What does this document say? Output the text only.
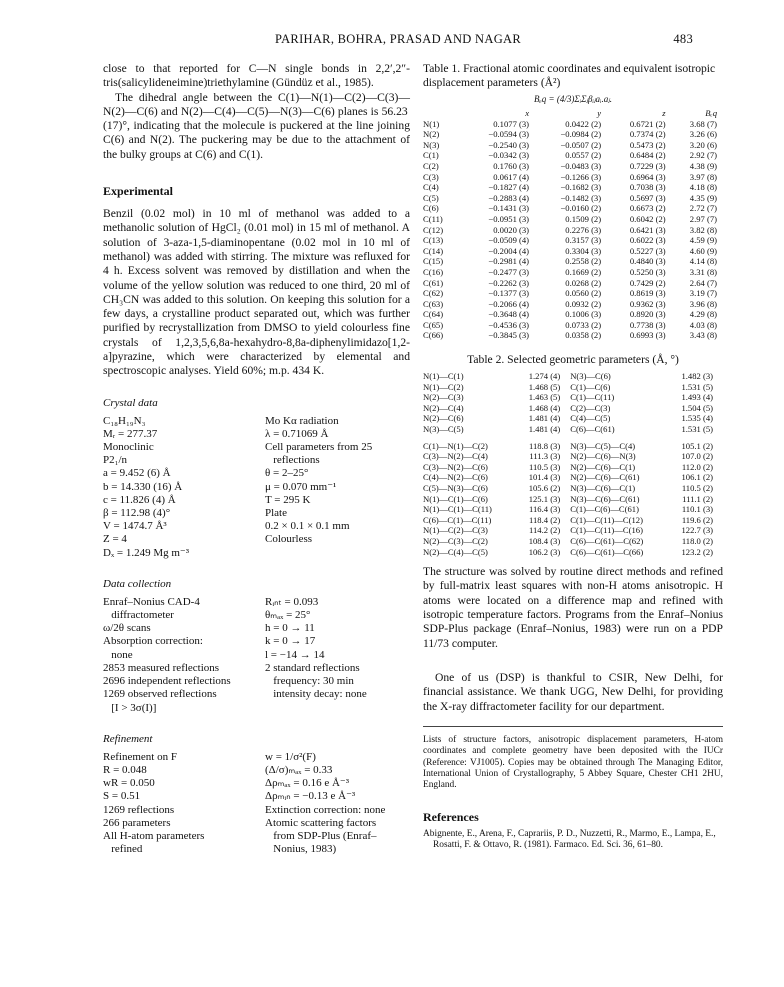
PARIHAR, BOHRA, PRASAD AND NAGAR	483

close to that reported for C—N single bonds in 2,2′,2″-tris(salicylideneimine)triethylamine (Gündüz et al., 1985).

The dihedral angle between the C(1)—N(1)—C(2)—C(3)—N(2)—C(6) and N(2)—C(4)—C(5)—N(3)—C(6) planes is 56.23 (17)°, indicating that the molecule is puckered at the line joining C(6) and N(2). The puckering may be due to the attachment of the bulky groups at C(6) and C(1).

Experimental

Benzil (0.02 mol) in 10 ml of methanol was added to a methanolic solution of HgCl₂ (0.01 mol) in 15 ml of methanol. A solution of 3-aza-1,5-diaminopentane (0.02 mol in 10 ml of methanol) was added with stirring. The mixture was refluxed for 4 h. Excess solvent was removed by distillation and when the volume of the yellow solution was reduced to one third, 20 ml of CH₃CN was added to this solution. On keeping this solution for a few days, a crystalline product separated out, which was further purified by recrystallization from DMSO to yield colourless fine crystals of 1,2,3,5,6,8a-hexahydro-8,8a-diphenylimidazo[1,2-a]pyrazine, which were characterized by elemental and spectroscopic analyses. Yield 60%; m.p. 434 K.

Crystal data
C₁₈H₁₉N₃	Mo Kα radiation
Mᵣ = 277.37	λ = 0.71069 Å
Monoclinic	Cell parameters from 25
P2₁/n	reflections
a = 9.452 (6) Å	θ = 2–25°
b = 14.330 (16) Å	μ = 0.070 mm⁻¹
c = 11.826 (4) Å	T = 295 K
β = 112.98 (4)°	Plate
V = 1474.7 Å³	0.2 × 0.1 × 0.1 mm
Z = 4	Colourless
Dₓ = 1.249 Mg m⁻³
Data collection
Enraf–Nonius CAD-4	Rᵢₙₜ = 0.093
diffractometer	θₘₐₓ = 25°
ω/2θ scans	h = 0 → 11
Absorption correction:	k = 0 → 17
none	l = −14 → 14
2853 measured reflections	2 standard reflections
2696 independent reflections	frequency: 30 min
1269 observed reflections	intensity decay: none
[I > 3σ(I)]
Refinement
Refinement on F	w = 1/σ²(F)
R = 0.048	(Δ/σ)ₘₐₓ = 0.33
wR = 0.050	Δρₘₐₓ = 0.16 e Å⁻³
S = 0.51	Δρₘᵢₙ = −0.13 e Å⁻³
1269 reflections	Extinction correction: none
266 parameters	Atomic scattering factors
All H-atom parameters	from SDP-Plus (Enraf–
refined	Nonius, 1983)
Table 1. Fractional atomic coordinates and equivalent isotropic displacement parameters (Å²)
Bₑq = (4/3)ΣᵢΣⱼβᵢⱼaᵢ.aⱼ.
	x	y	z	Bₑq
N(1)	0.1077 (3)	0.0422 (2)	0.6721 (2)	3.68 (7)
N(2)	−0.0594 (3)	−0.0984 (2)	0.7374 (2)	3.26 (6)
N(3)	−0.2540 (3)	−0.0507 (2)	0.5473 (2)	3.20 (6)
C(1)	−0.0342 (3)	0.0557 (2)	0.6484 (2)	2.92 (7)
C(2)	0.1760 (3)	−0.0483 (3)	0.7229 (3)	4.38 (9)
C(3)	0.0617 (4)	−0.1266 (3)	0.6964 (3)	3.97 (8)
C(4)	−0.1827 (4)	−0.1682 (3)	0.7038 (3)	4.18 (8)
C(5)	−0.2883 (4)	−0.1482 (3)	0.5697 (3)	4.35 (9)
C(6)	−0.1431 (3)	−0.0160 (2)	0.6673 (2)	2.72 (7)
C(11)	−0.0951 (3)	0.1509 (2)	0.6042 (2)	2.97 (7)
C(12)	0.0020 (3)	0.2276 (3)	0.6421 (3)	3.82 (8)
C(13)	−0.0509 (4)	0.3157 (3)	0.6022 (3)	4.59 (9)
C(14)	−0.2004 (4)	0.3304 (3)	0.5227 (3)	4.60 (9)
C(15)	−0.2981 (4)	0.2558 (2)	0.4840 (3)	4.14 (8)
C(16)	−0.2477 (3)	0.1669 (2)	0.5250 (3)	3.31 (8)
C(61)	−0.2262 (3)	0.0268 (2)	0.7429 (2)	2.64 (7)
C(62)	−0.1377 (3)	0.0560 (2)	0.8619 (3)	3.19 (7)
C(63)	−0.2066 (4)	0.0932 (2)	0.9362 (3)	3.96 (8)
C(64)	−0.3648 (4)	0.1006 (3)	0.8920 (3)	4.29 (8)
C(65)	−0.4536 (3)	0.0733 (2)	0.7738 (3)	4.03 (8)
C(66)	−0.3845 (3)	0.0358 (2)	0.6993 (3)	3.43 (8)
Table 2. Selected geometric parameters (Å, °)
N(1)—C(1)	1.274 (4)	N(3)—C(6)	1.482 (3)
N(1)—C(2)	1.468 (5)	C(1)—C(6)	1.531 (5)
N(2)—C(3)	1.463 (5)	C(1)—C(11)	1.493 (4)
N(2)—C(4)	1.468 (4)	C(2)—C(3)	1.504 (5)
N(2)—C(6)	1.481 (4)	C(4)—C(5)	1.535 (4)
N(3)—C(5)	1.481 (4)	C(6)—C(61)	1.531 (5)

C(1)—N(1)—C(2)	118.8 (3)	N(3)—C(5)—C(4)	105.1 (2)
C(3)—N(2)—C(4)	111.3 (3)	N(2)—C(6)—N(3)	107.0 (2)
C(3)—N(2)—C(6)	110.5 (3)	N(2)—C(6)—C(1)	112.0 (2)
C(4)—N(2)—C(6)	101.4 (3)	N(2)—C(6)—C(61)	106.1 (2)
C(5)—N(3)—C(6)	105.6 (2)	N(3)—C(6)—C(1)	110.5 (2)
N(1)—C(1)—C(6)	125.1 (3)	N(3)—C(6)—C(61)	111.1 (2)
N(1)—C(1)—C(11)	116.4 (3)	C(1)—C(6)—C(61)	110.1 (3)
C(6)—C(1)—C(11)	118.4 (2)	C(1)—C(11)—C(12)	119.6 (2)
N(1)—C(2)—C(3)	114.2 (2)	C(1)—C(11)—C(16)	122.7 (3)
N(2)—C(3)—C(2)	108.4 (3)	C(6)—C(61)—C(62)	118.0 (2)
N(2)—C(4)—C(5)	106.2 (3)	C(6)—C(61)—C(66)	123.2 (2)

The structure was solved by routine direct methods and refined by full-matrix least squares with non-H atoms anisotropic. H atoms were located on a difference map and refined with isotropic temperature factors. Programs from the Enraf–Nonius SDP-Plus package (Enraf–Nonius, 1983) were run on a PDP 11/73 computer.

One of us (DSP) is thankful to CSIR, New Delhi, for financial assistance. We thank UGG, New Delhi, for providing the X-ray diffractometer facility for our department.

Lists of structure factors, anisotropic displacement parameters, H-atom coordinates and complete geometry have been deposited with the IUCr (Reference: VJ1005). Copies may be obtained through The Managing Editor, International Union of Crystallography, 5 Abbey Square, Chester CH1 2HU, England.

References
Abignente, E., Arena, F., Caprariis, P. D., Nuzzetti, R., Marmo, E., Lampa, E., Rosatti, F. & Ottavo, R. (1981). Farmaco. Ed. Sci. 36, 61–80.
